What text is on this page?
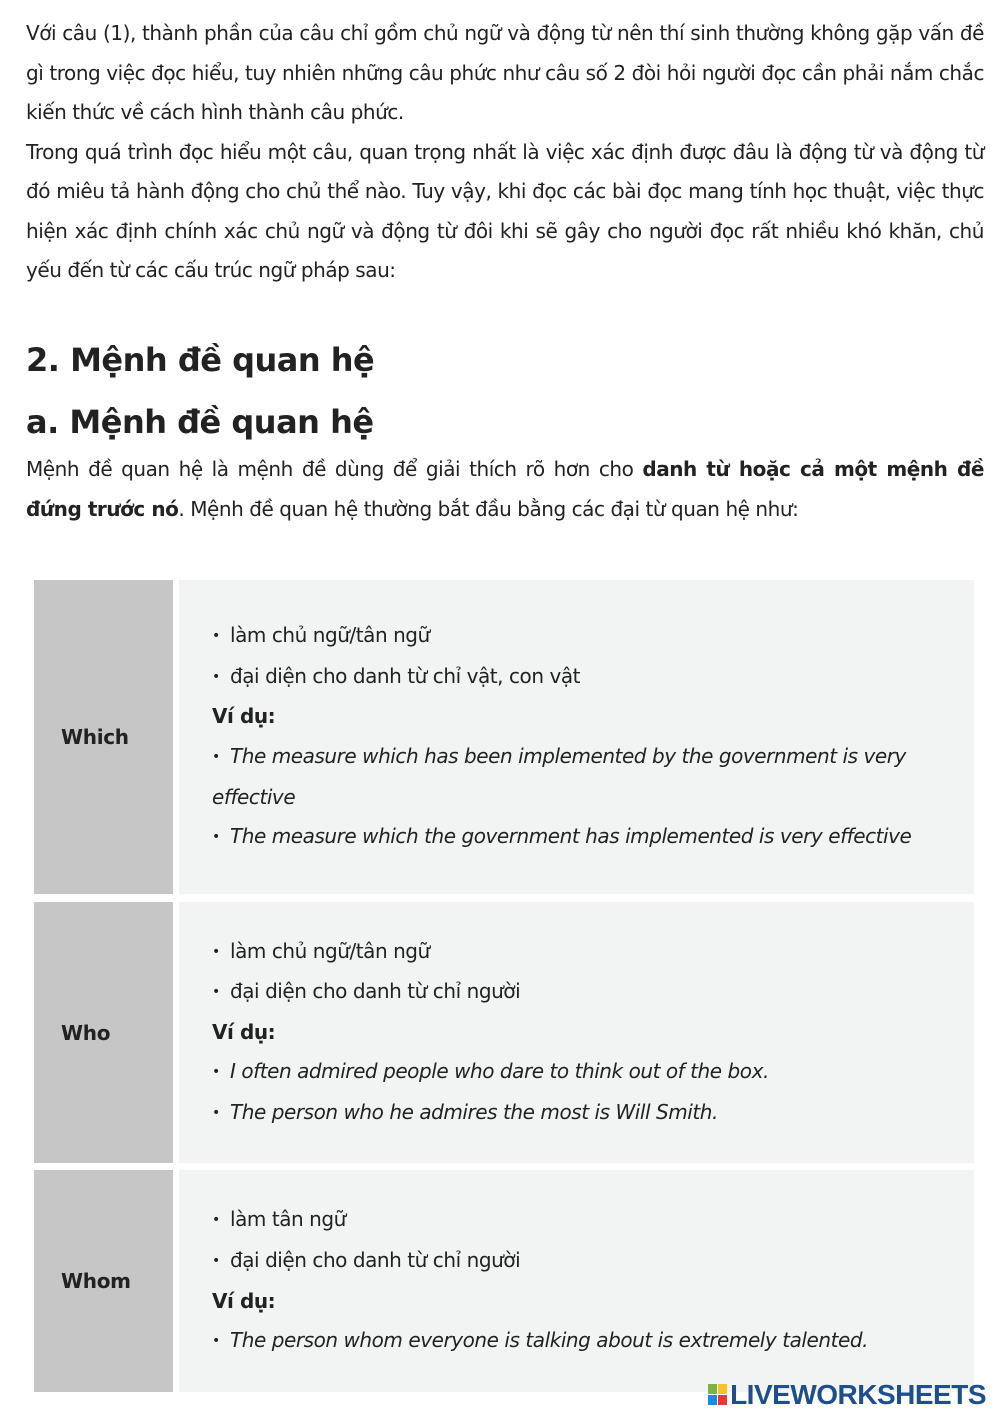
Với câu (1), thành phần của câu chỉ gồm chủ ngữ và động từ nên thí sinh thường không gặp vấn đề gì trong việc đọc hiểu, tuy nhiên những câu phức như câu số 2 đòi hỏi người đọc cần phải nắm chắc kiến thức về cách hình thành câu phức.

Trong quá trình đọc hiểu một câu, quan trọng nhất là việc xác định được đâu là động từ và động từ đó miêu tả hành động cho chủ thể nào. Tuy vậy, khi đọc các bài đọc mang tính học thuật, việc thực hiện xác định chính xác chủ ngữ và động từ đôi khi sẽ gây cho người đọc rất nhiều khó khăn, chủ yếu đến từ các cấu trúc ngữ pháp sau:

2. Mệnh đề quan hệ
a. Mệnh đề quan hệ

Mệnh đề quan hệ là mệnh đề dùng để giải thích rõ hơn cho danh từ hoặc cả một mệnh đề đứng trước nó. Mệnh đề quan hệ thường bắt đầu bằng các đại từ quan hệ như:

Which
• làm chủ ngữ/tân ngữ
• đại diện cho danh từ chỉ vật, con vật
Ví dụ:
• The measure which has been implemented by the government is very effective
• The measure which the government has implemented is very effective
Who
• làm chủ ngữ/tân ngữ
• đại diện cho danh từ chỉ người
Ví dụ:
• I often admired people who dare to think out of the box.
• The person who he admires the most is Will Smith.
Whom
• làm tân ngữ
• đại diện cho danh từ chỉ người
Ví dụ:
• The person whom everyone is talking about is extremely talented.
LIVEWORKSHEETS
